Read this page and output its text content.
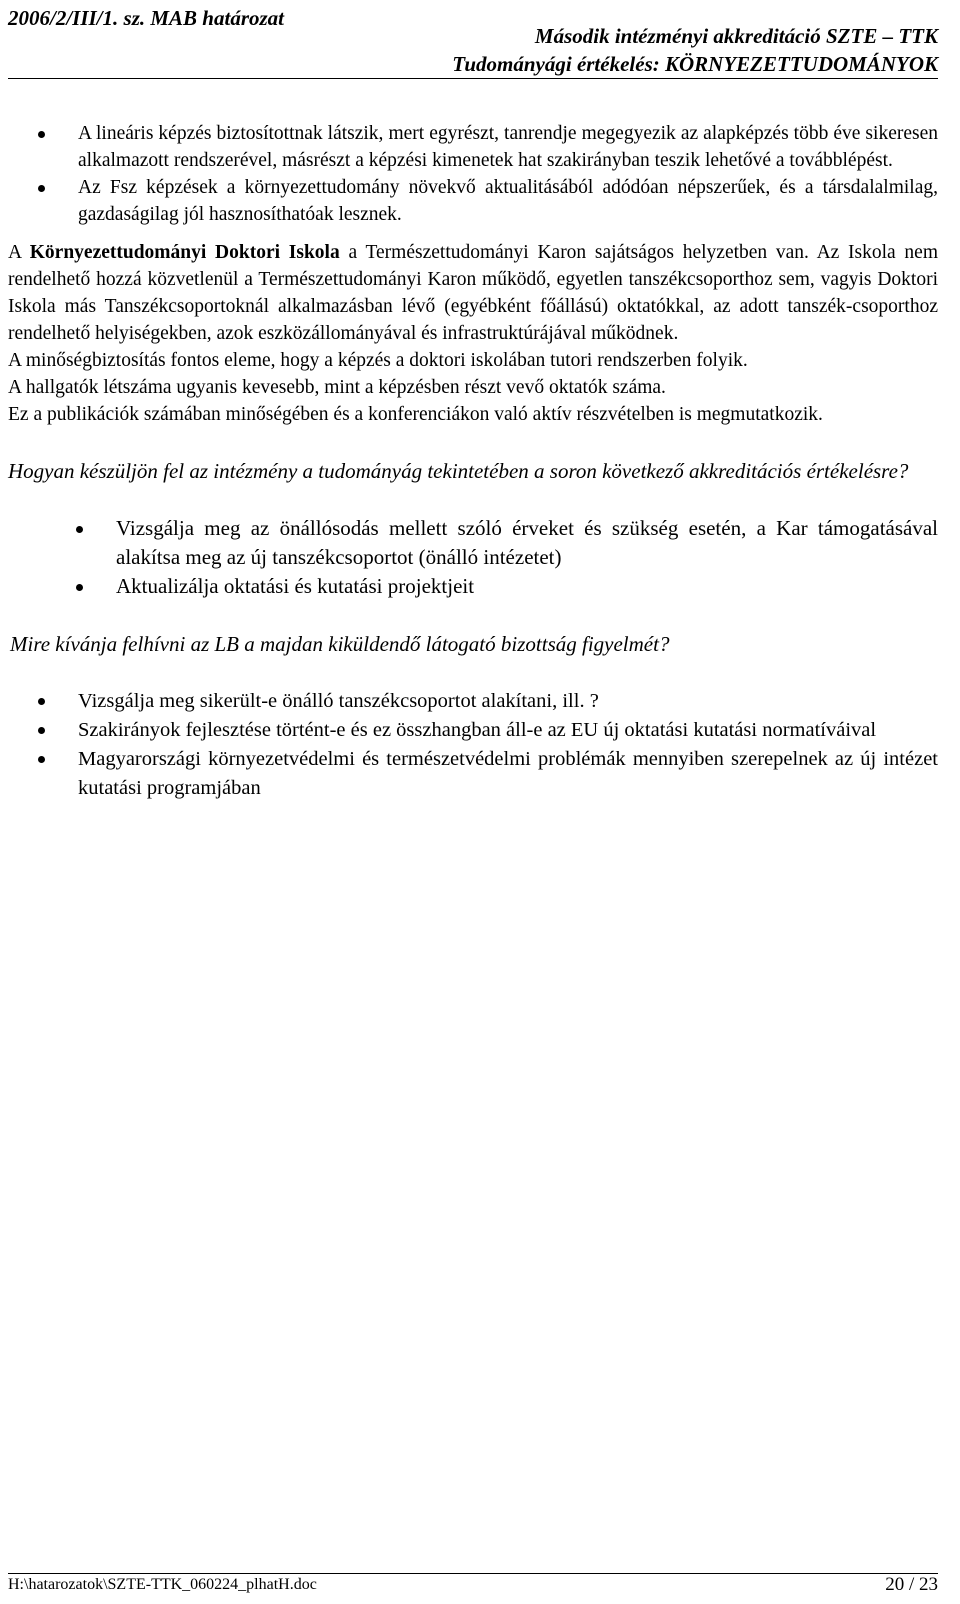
2006/2/III/1. sz. MAB határozat
Második intézményi akkreditáció SZTE – TTK
Tudományági értékelés: KÖRNYEZETTUDOMÁNYOK
A lineáris képzés biztosítottnak látszik, mert egyrészt, tanrendje megegyezik az alapképzés több éve sikeresen alkalmazott rendszerével, másrészt a képzési kimenetek hat szakirányban teszik lehetővé a továbblépést.
Az Fsz képzések a környezettudomány növekvő aktualitásából adódóan népszerűek, és a társdalalmilag, gazdaságilag jól hasznosíthatóak lesznek.

A Környezettudományi Doktori Iskola a Természettudományi Karon sajátságos helyzetben van. Az Iskola nem rendelhető hozzá közvetlenül a Természettudományi Karon működő, egyetlen tanszékcsoporthoz sem, vagyis Doktori Iskola más Tanszékcsoportoknál alkalmazásban lévő (egyébként főállású) oktatókkal, az adott tanszék-csoporthoz rendelhető helyiségekben, azok eszközállományával és infrastruktúrájával működnek.

A minőségbiztosítás fontos eleme, hogy a képzés a doktori iskolában tutori rendszerben folyik.

A hallgatók létszáma ugyanis kevesebb, mint a képzésben részt vevő oktatók száma.

Ez a publikációk számában minőségében és a konferenciákon való aktív részvételben is megmutatkozik.

Hogyan készüljön fel az intézmény a tudományág tekintetében a soron következő akkreditációs értékelésre?

Vizsgálja meg az önállósodás mellett szóló érveket és szükség esetén, a Kar támogatásával alakítsa meg az új tanszékcsoportot (önálló intézetet)
Aktualizálja oktatási és kutatási projektjeit

Mire kívánja felhívni az LB a majdan kiküldendő látogató bizottság figyelmét?

Vizsgálja meg sikerült-e önálló tanszékcsoportot alakítani, ill. ?
Szakirányok fejlesztése történt-e és ez összhangban áll-e az EU új oktatási kutatási normatíváival
Magyarországi környezetvédelmi és természetvédelmi problémák mennyiben szerepelnek az új intézet kutatási programjában
H:\hatarozatok\SZTE-TTK_060224_plhatH.doc	20 / 23
